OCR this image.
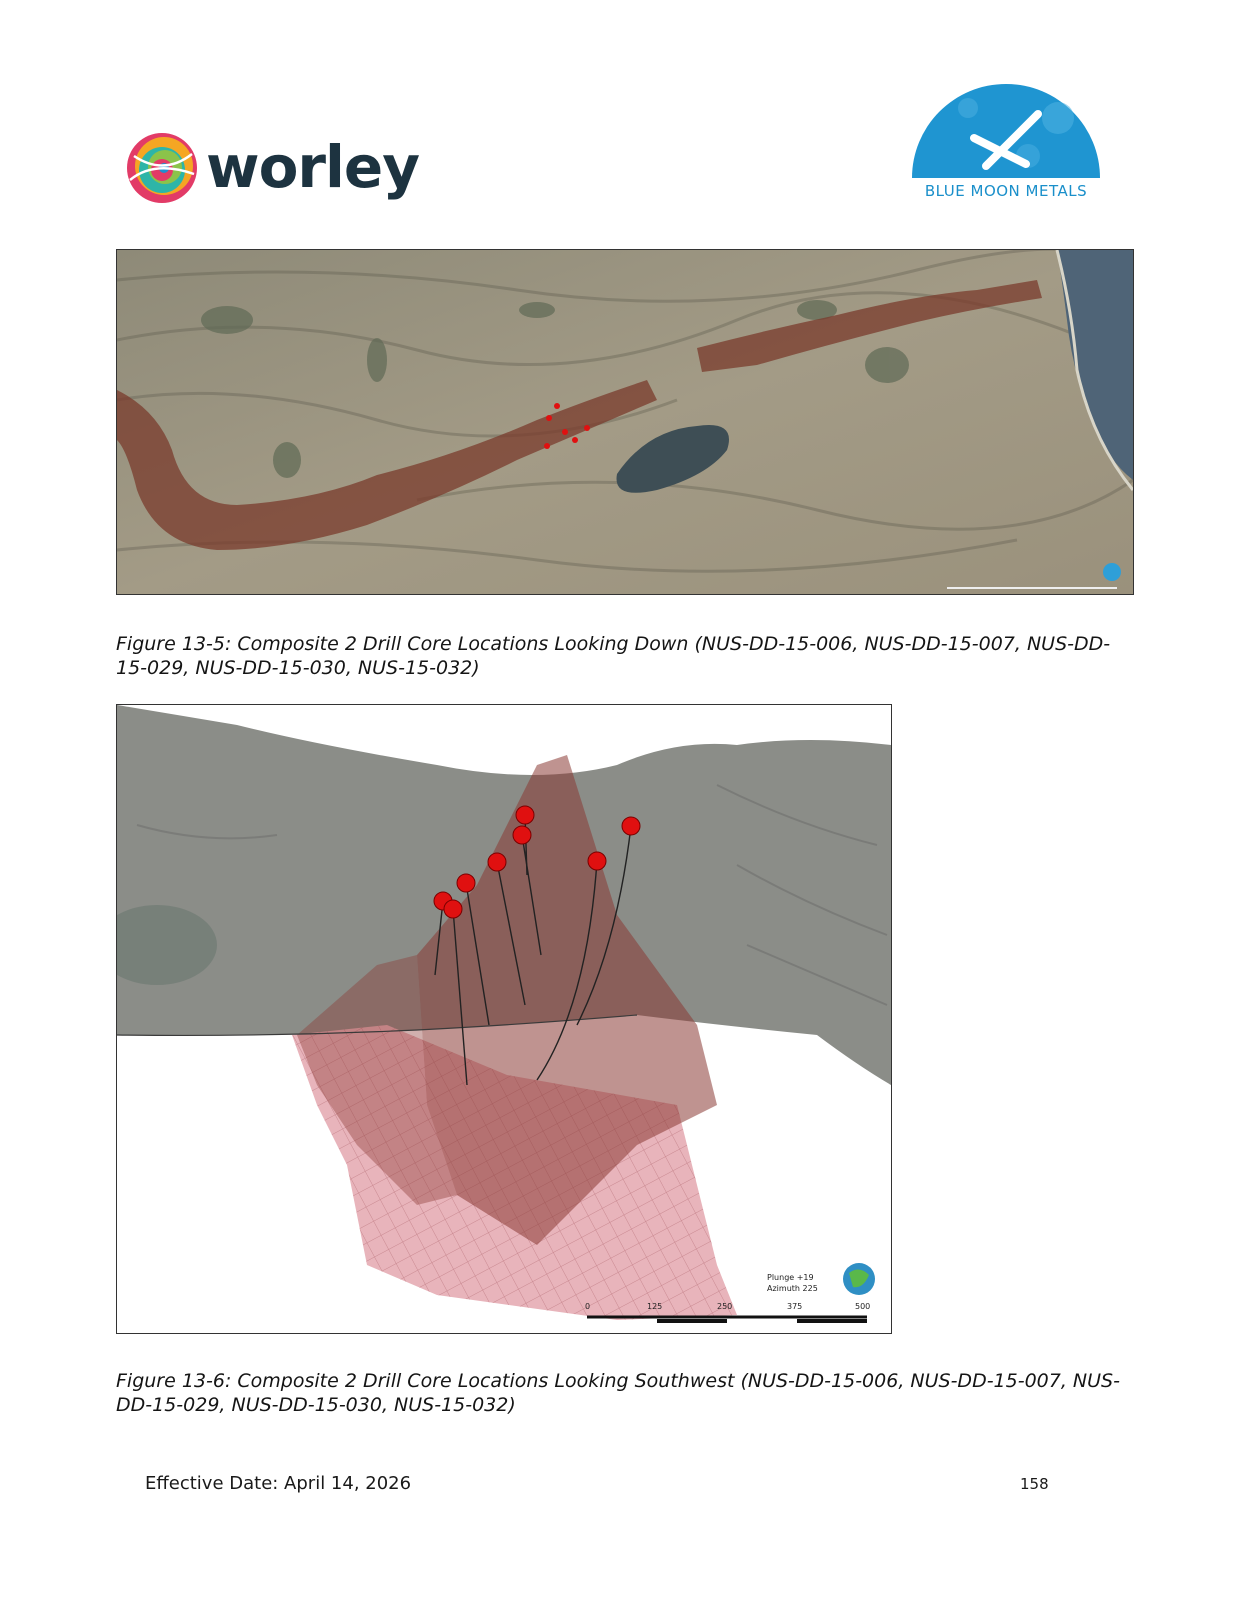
worley	BLUE MOON METALS
Figure 13-5: Composite 2 Drill Core Locations Looking Down (NUS-DD-15-006, NUS-DD-15-007, NUS-DD-15-029, NUS-DD-15-030, NUS-15-032)
Plunge +19
Azimuth 225
0	125	250	375	500
Figure 13-6: Composite 2 Drill Core Locations Looking Southwest (NUS-DD-15-006, NUS-DD-15-007, NUS-DD-15-029, NUS-DD-15-030, NUS-15-032)
Effective Date: April 14, 2026	158
